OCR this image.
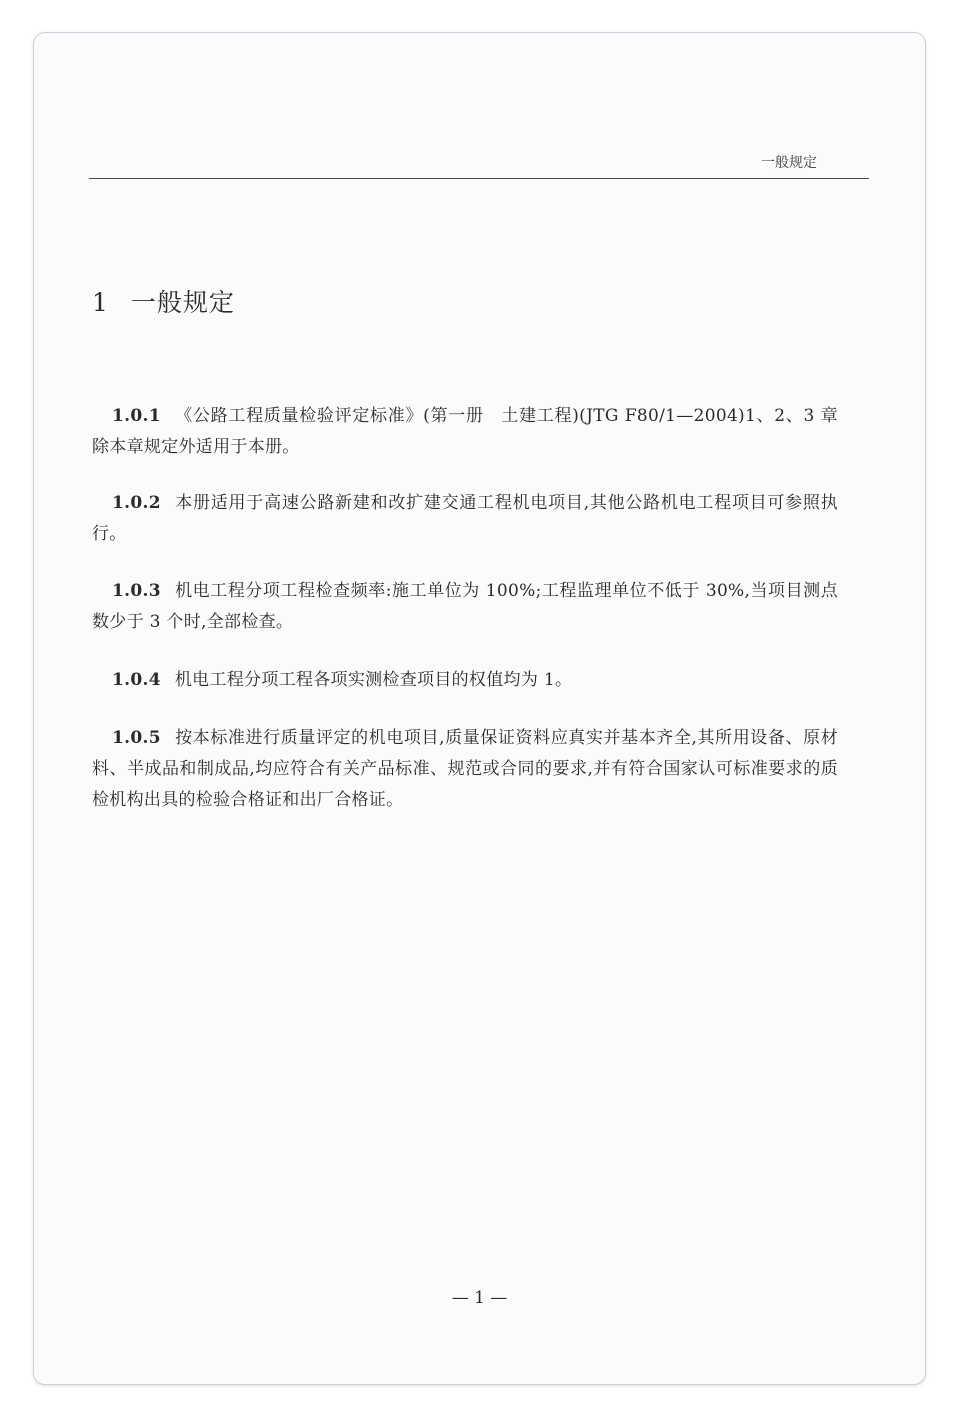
一般规定
1 一般规定
1.0.1 《公路工程质量检验评定标准》(第一册　土建工程)(JTG F80/1—2004)1、2、3 章除本章规定外适用于本册。
1.0.2 本册适用于高速公路新建和改扩建交通工程机电项目,其他公路机电工程项目可参照执行。
1.0.3 机电工程分项工程检查频率:施工单位为 100%;工程监理单位不低于 30%,当项目测点数少于 3 个时,全部检查。
1.0.4 机电工程分项工程各项实测检查项目的权值均为 1。
1.0.5 按本标准进行质量评定的机电项目,质量保证资料应真实并基本齐全,其所用设备、原材料、半成品和制成品,均应符合有关产品标准、规范或合同的要求,并有符合国家认可标准要求的质检机构出具的检验合格证和出厂合格证。
— 1 —
